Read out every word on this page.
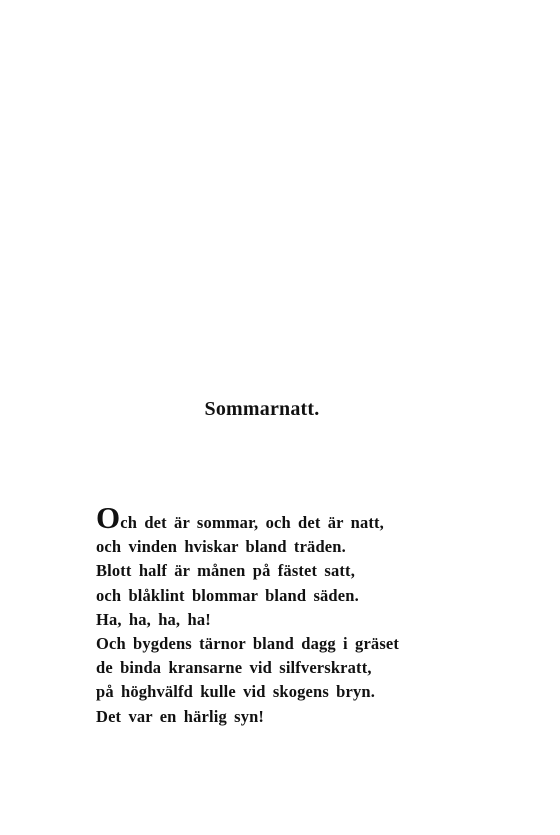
Sommarnatt.
Och det är sommar, och det är natt,
och vinden hviskar bland träden.
Blott half är månen på fästet satt,
och blåklint blommar bland säden.
Ha, ha, ha, ha!
Och bygdens tärnor bland dagg i gräset
de binda kransarne vid silfverskratt,
på höghvälfd kulle vid skogens bryn.
Det var en härlig syn!
